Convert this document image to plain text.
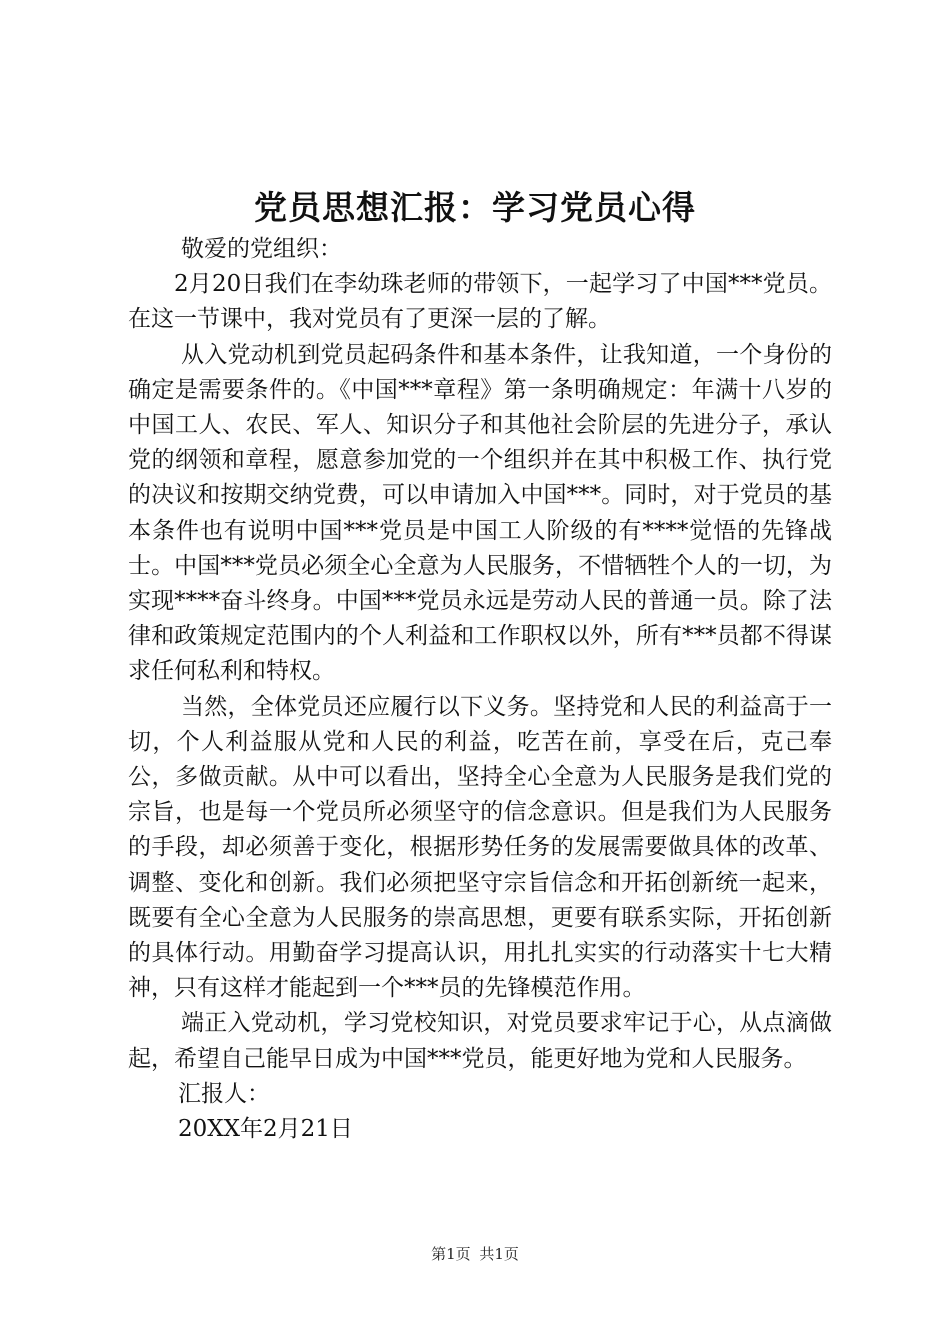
党员思想汇报：学习党员心得

敬爱的党组织：

2月20日我们在李幼珠老师的带领下，一起学习了中国***党员。在这一节课中，我对党员有了更深一层的了解。

从入党动机到党员起码条件和基本条件，让我知道，一个身份的确定是需要条件的。《中国***章程》第一条明确规定：年满十八岁的中国工人、农民、军人、知识分子和其他社会阶层的先进分子，承认党的纲领和章程，愿意参加党的一个组织并在其中积极工作、执行党的决议和按期交纳党费，可以申请加入中国***。同时，对于党员的基本条件也有说明中国***党员是中国工人阶级的有****觉悟的先锋战士。中国***党员必须全心全意为人民服务，不惜牺牲个人的一切，为实现****奋斗终身。中国***党员永远是劳动人民的普通一员。除了法律和政策规定范围内的个人利益和工作职权以外，所有***员都不得谋求任何私利和特权。

当然，全体党员还应履行以下义务。坚持党和人民的利益高于一切，个人利益服从党和人民的利益，吃苦在前，享受在后，克己奉公，多做贡献。从中可以看出，坚持全心全意为人民服务是我们党的宗旨，也是每一个党员所必须坚守的信念意识。但是我们为人民服务的手段，却必须善于变化，根据形势任务的发展需要做具体的改革、调整、变化和创新。我们必须把坚守宗旨信念和开拓创新统一起来，既要有全心全意为人民服务的崇高思想，更要有联系实际，开拓创新的具体行动。用勤奋学习提高认识，用扎扎实实的行动落实十七大精神，只有这样才能起到一个***员的先锋模范作用。

端正入党动机，学习党校知识，对党员要求牢记于心，从点滴做起，希望自己能早日成为中国***党员，能更好地为党和人民服务。

汇报人：

20XX年2月21日

第1页 共1页
